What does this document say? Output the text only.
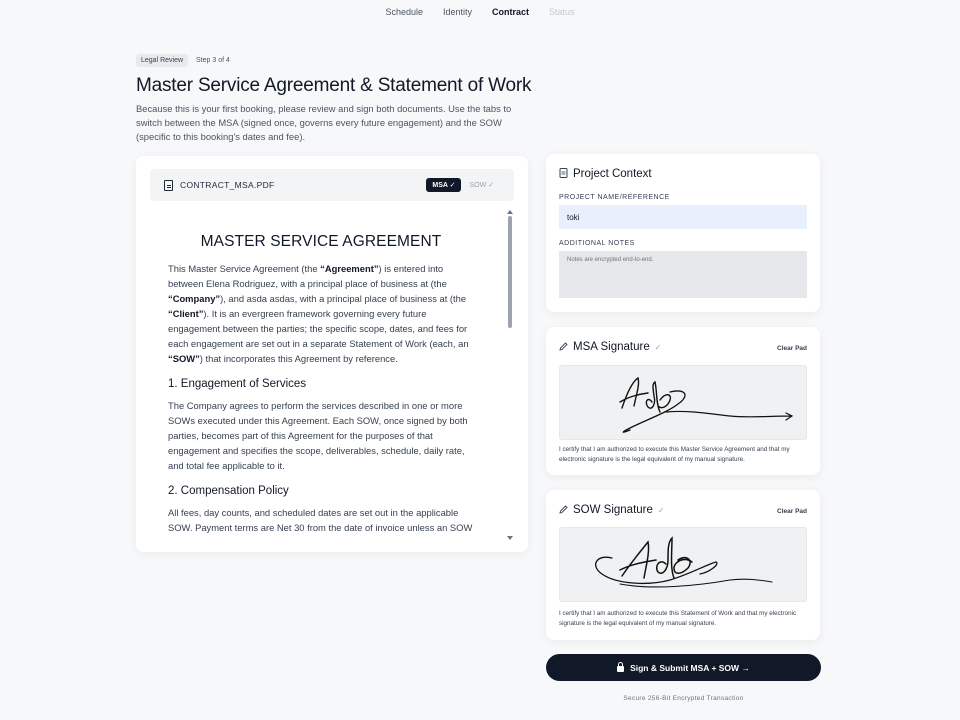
Schedule Identity Contract Status
Legal Review	Step 3 of 4
Master Service Agreement & Statement of Work
Because this is your first booking, please review and sign both documents. Use the tabs to switch between the MSA (signed once, governs every future engagement) and the SOW (specific to this booking's dates and fee).
CONTRACT_MSA.PDF	MSA ✓	SOW ✓
MASTER SERVICE AGREEMENT

This Master Service Agreement (the “Agreement”) is entered into between Elena Rodriguez, with a principal place of business at (the “Company”), and asda asdas, with a principal place of business at (the “Client”). It is an evergreen framework governing every future engagement between the parties; the specific scope, dates, and fees for each engagement are set out in a separate Statement of Work (each, an “SOW”) that incorporates this Agreement by reference.

1. Engagement of Services

The Company agrees to perform the services described in one or more SOWs executed under this Agreement. Each SOW, once signed by both parties, becomes part of this Agreement for the purposes of that engagement and specifies the scope, deliverables, schedule, daily rate, and total fee applicable to it.

2. Compensation Policy

All fees, day counts, and scheduled dates are set out in the applicable SOW. Payment terms are Net 30 from the date of invoice unless an SOW

Project Context
PROJECT NAME/REFERENCE
toki
ADDITIONAL NOTES
Notes are encrypted end-to-end.
MSA Signature ✓	Clear Pad
I certify that I am authorized to execute this Master Service Agreement and that my electronic signature is the legal equivalent of my manual signature.
SOW Signature ✓	Clear Pad
I certify that I am authorized to execute this Statement of Work and that my electronic signature is the legal equivalent of my manual signature.
Sign & Submit MSA + SOW →
Secure 256-Bit Encrypted Transaction
